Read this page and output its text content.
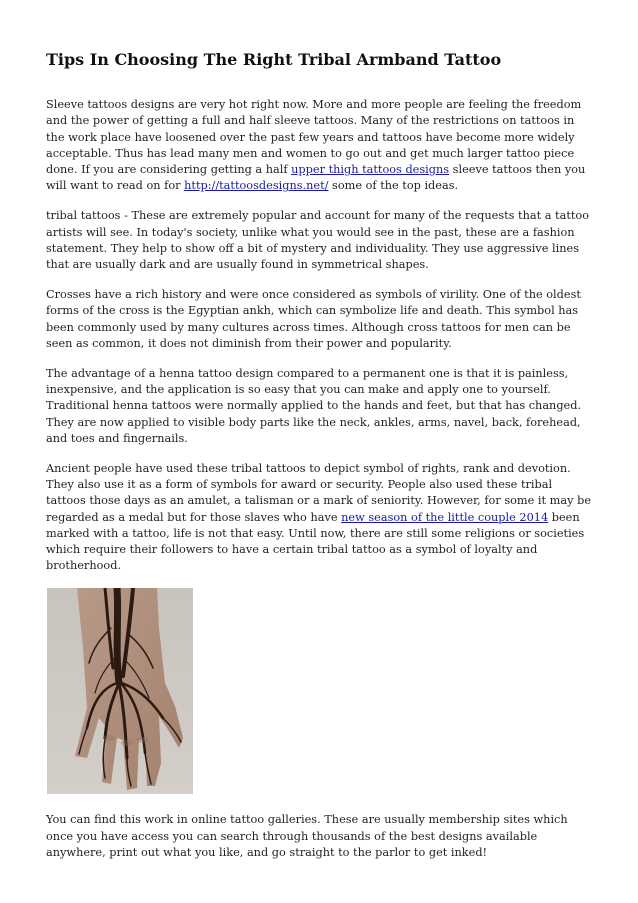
Tips In Choosing The Right Tribal Armband Tattoo

Sleeve tattoos designs are very hot right now. More and more people are feeling the freedom and the power of getting a full and half sleeve tattoos. Many of the restrictions on tattoos in the work place have loosened over the past few years and tattoos have become more widely acceptable. Thus has lead many men and women to go out and get much larger tattoo piece done. If you are considering getting a half upper thigh tattoos designs sleeve tattoos then you will want to read on for http://tattoosdesigns.net/ some of the top ideas.

tribal tattoos - These are extremely popular and account for many of the requests that a tattoo artists will see. In today's society, unlike what you would see in the past, these are a fashion statement. They help to show off a bit of mystery and individuality. They use aggressive lines that are usually dark and are usually found in symmetrical shapes.

Crosses have a rich history and were once considered as symbols of virility. One of the oldest forms of the cross is the Egyptian ankh, which can symbolize life and death. This symbol has been commonly used by many cultures across times. Although cross tattoos for men can be seen as common, it does not diminish from their power and popularity.

The advantage of a henna tattoo design compared to a permanent one is that it is painless, inexpensive, and the application is so easy that you can make and apply one to yourself. Traditional henna tattoos were normally applied to the hands and feet, but that has changed. They are now applied to visible body parts like the neck, ankles, arms, navel, back, forehead, and toes and fingernails.

Ancient people have used these tribal tattoos to depict symbol of rights, rank and devotion. They also use it as a form of symbols for award or security. People also used these tribal tattoos those days as an amulet, a talisman or a mark of seniority. However, for some it may be regarded as a medal but for those slaves who have new season of the little couple 2014 been marked with a tattoo, life is not that easy. Until now, there are still some religions or societies which require their followers to have a certain tribal tattoo as a symbol of loyalty and brotherhood.

You can find this work in online tattoo galleries. These are usually membership sites which once you have access you can search through thousands of the best designs available anywhere, print out what you like, and go straight to the parlor to get inked!
